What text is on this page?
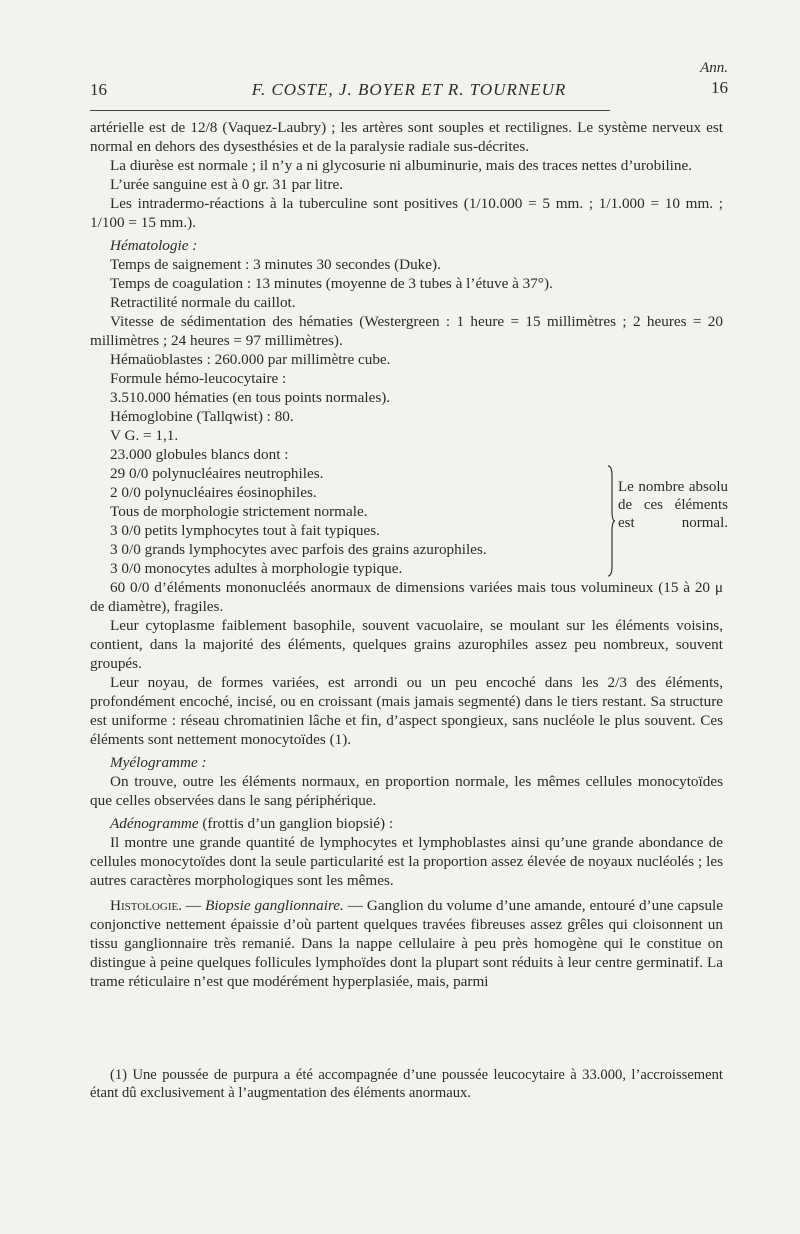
Ann.
16	F. COSTE, J. BOYER ET R. TOURNEUR	16

artérielle est de 12/8 (Vaquez-Laubry) ; les artères sont souples et rectilignes. Le système nerveux est normal en dehors des dysesthésies et de la paralysie radiale sus-décrites.

La diurèse est normale ; il n’y a ni glycosurie ni albuminurie, mais des traces nettes d’urobiline.

L’urée sanguine est à 0 gr. 31 par litre.

Les intradermo-réactions à la tuberculine sont positives (1/10.000 = 5 mm. ; 1/1.000 = 10 mm. ; 1/100 = 15 mm.).

Hématologie :

Temps de saignement : 3 minutes 30 secondes (Duke).

Temps de coagulation : 13 minutes (moyenne de 3 tubes à l’étuve à 37°).

Retractilité normale du caillot.

Vitesse de sédimentation des hématies (Westergreen : 1 heure = 15 millimètres ; 2 heures = 20 millimètres ; 24 heures = 97 millimètres).

Hémaüoblastes : 260.000 par millimètre cube.

Formule hémo-leucocytaire :

3.510.000 hématies (en tous points normales).

Hémoglobine (Tallqwist) : 80.

V G. = 1,1.

23.000 globules blancs dont :

29 0/0 polynucléaires neutrophiles.

2 0/0 polynucléaires éosinophiles.

Tous de morphologie strictement normale.

3 0/0 petits lymphocytes tout à fait typiques.

3 0/0 grands lymphocytes avec parfois des grains azurophiles.

3 0/0 monocytes adultes à morphologie typique.

Le nombre absolu de ces éléments est normal.

60 0/0 d’éléments mononucléés anormaux de dimensions variées mais tous volumineux (15 à 20 μ de diamètre), fragiles.

Leur cytoplasme faiblement basophile, souvent vacuolaire, se moulant sur les éléments voisins, contient, dans la majorité des éléments, quelques grains azurophiles assez peu nombreux, souvent groupés.

Leur noyau, de formes variées, est arrondi ou un peu encoché dans les 2/3 des éléments, profondément encoché, incisé, ou en croissant (mais jamais segmenté) dans le tiers restant. Sa structure est uniforme : réseau chromatinien lâche et fin, d’aspect spongieux, sans nucléole le plus souvent. Ces éléments sont nettement monocytoïdes (1).

Myélogramme :

On trouve, outre les éléments normaux, en proportion normale, les mêmes cellules monocytoïdes que celles observées dans le sang périphérique.

Adénogramme (frottis d’un ganglion biopsié) :

Il montre une grande quantité de lymphocytes et lymphoblastes ainsi qu’une grande abondance de cellules monocytoïdes dont la seule particularité est la proportion assez élevée de noyaux nucléolés ; les autres caractères morphologiques sont les mêmes.

Histologie. — Biopsie ganglionnaire. — Ganglion du volume d’une amande, entouré d’une capsule conjonctive nettement épaissie d’où partent quelques travées fibreuses assez grêles qui cloisonnent un tissu ganglionnaire très remanié. Dans la nappe cellulaire à peu près homogène qui le constitue on distingue à peine quelques follicules lymphoïdes dont la plupart sont réduits à leur centre germinatif. La trame réticulaire n’est que modérément hyperplasiée, mais, parmi

(1) Une poussée de purpura a été accompagnée d’une poussée leucocytaire à 33.000, l’accroissement étant dû exclusivement à l’augmentation des éléments anormaux.
